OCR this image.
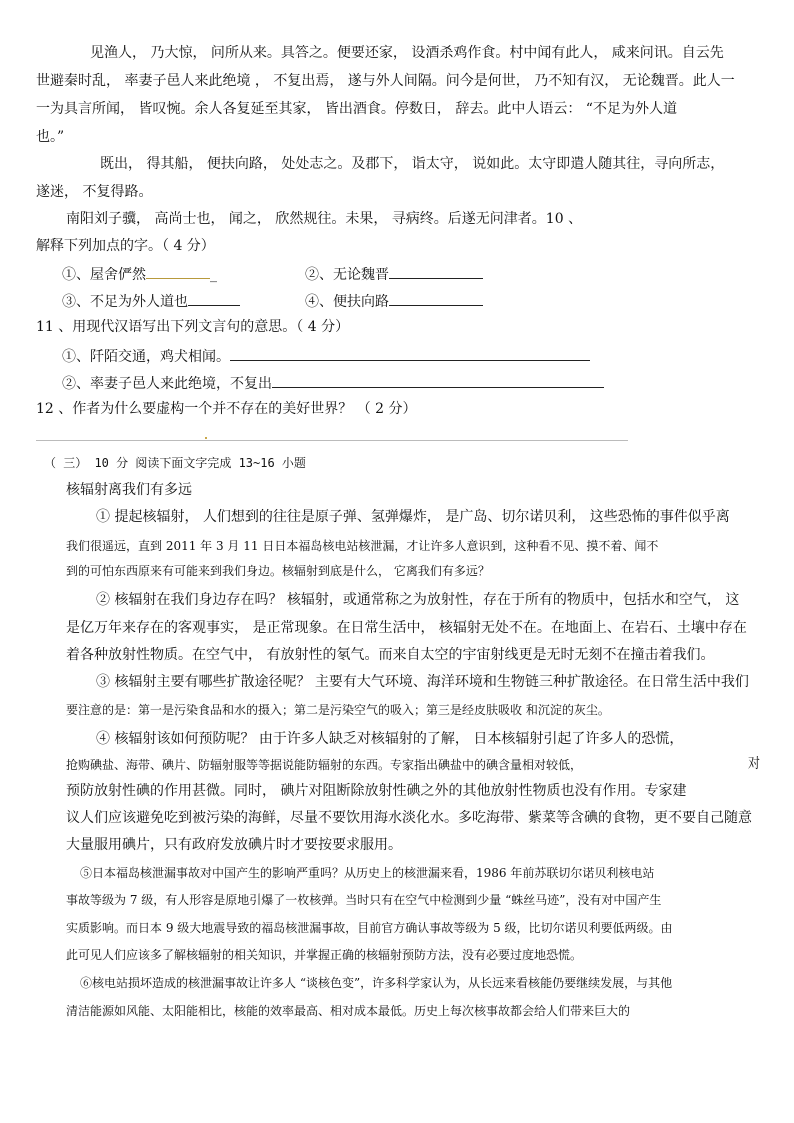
见渔人， 乃大惊， 问所从来。具答之。便要还家， 设酒杀鸡作食。村中闻有此人， 咸来问讯。自云先
世避秦时乱， 率妻子邑人来此绝境 ， 不复出焉， 遂与外人间隔。问今是何世， 乃不知有汉， 无论魏晋。此人一
一为具言所闻， 皆叹惋。余人各复延至其家， 皆出酒食。停数日， 辞去。此中人语云： “不足为外人道
也。”
既出， 得其船， 便扶向路， 处处志之。及郡下， 诣太守， 说如此。太守即遣人随其往，寻向所志，
遂迷， 不复得路。
南阳刘子骥， 高尚士也， 闻之， 欣然规往。未果， 寻病终。后遂无问津者。10 、
解释下列加点的字。（ 4 分）
①、屋舍俨然	_	②、无论魏晋
③、不足为外人道也	④、便扶向路
11 、用现代汉语写出下列文言句的意思。（ 4 分）
①、阡陌交通，鸡犬相闻。
②、率妻子邑人来此绝境，不复出
12 、作者为什么要虚构一个并不存在的美好世界？ （ 2 分）
（ 三） 10 分 阅读下面文字完成 13~16 小题
核辐射离我们有多远
① 提起核辐射， 人们想到的往往是原子弹、氢弹爆炸， 是广岛、切尔诺贝利， 这些恐怖的事件似乎离
我们很遥远，直到 2011 年 3 月 11 日日本福岛核电站核泄漏，才让许多人意识到，这种看不见、摸不着、闻不
到的可怕东西原来有可能来到我们身边。核辐射到底是什么， 它离我们有多远？
② 核辐射在我们身边存在吗？ 核辐射，或通常称之为放射性，存在于所有的物质中，包括水和空气， 这
是亿万年来存在的客观事实， 是正常现象。在日常生活中， 核辐射无处不在。在地面上、在岩石、土壤中存在
着各种放射性物质。在空气中， 有放射性的氡气。而来自太空的宇宙射线更是无时无刻不在撞击着我们。
③ 核辐射主要有哪些扩散途径呢？ 主要有大气环境、海洋环境和生物链三种扩散途径。在日常生活中我们
要注意的是：第一是污染食品和水的摄入；第二是污染空气的吸入；第三是经皮肤吸收 和沉淀的灰尘。
④ 核辐射该如何预防呢？ 由于许多人缺乏对核辐射的了解， 日本核辐射引起了许多人的恐慌，
抢购碘盐、海带、碘片、防辐射服等等据说能防辐射的东西。专家指出碘盐中的碘含量相对较低，	对
预防放射性碘的作用甚微。同时， 碘片对阻断除放射性碘之外的其他放射性物质也没有作用。专家建
议人们应该避免吃到被污染的海鲜，尽量不要饮用海水淡化水。多吃海带、紫菜等含碘的食物，更不要自己随意
大量服用碘片，只有政府发放碘片时才要按要求服用。
⑤日本福岛核泄漏事故对中国产生的影响严重吗？从历史上的核泄漏来看，1986 年前苏联切尔诺贝利核电站
事故等级为 7 级，有人形容是原地引爆了一枚核弹。当时只有在空气中检测到少量 “蛛丝马迹”，没有对中国产生
实质影响。而日本 9 级大地震导致的福岛核泄漏事故，目前官方确认事故等级为 5 级，比切尔诺贝利要低两级。由
此可见人们应该多了解核辐射的相关知识，并掌握正确的核辐射预防方法，没有必要过度地恐慌。
⑥核电站损坏造成的核泄漏事故让许多人 “谈核色变”，许多科学家认为，从长远来看核能仍要继续发展，与其他
清洁能源如风能、太阳能相比，核能的效率最高、相对成本最低。历史上每次核事故都会给人们带来巨大的
